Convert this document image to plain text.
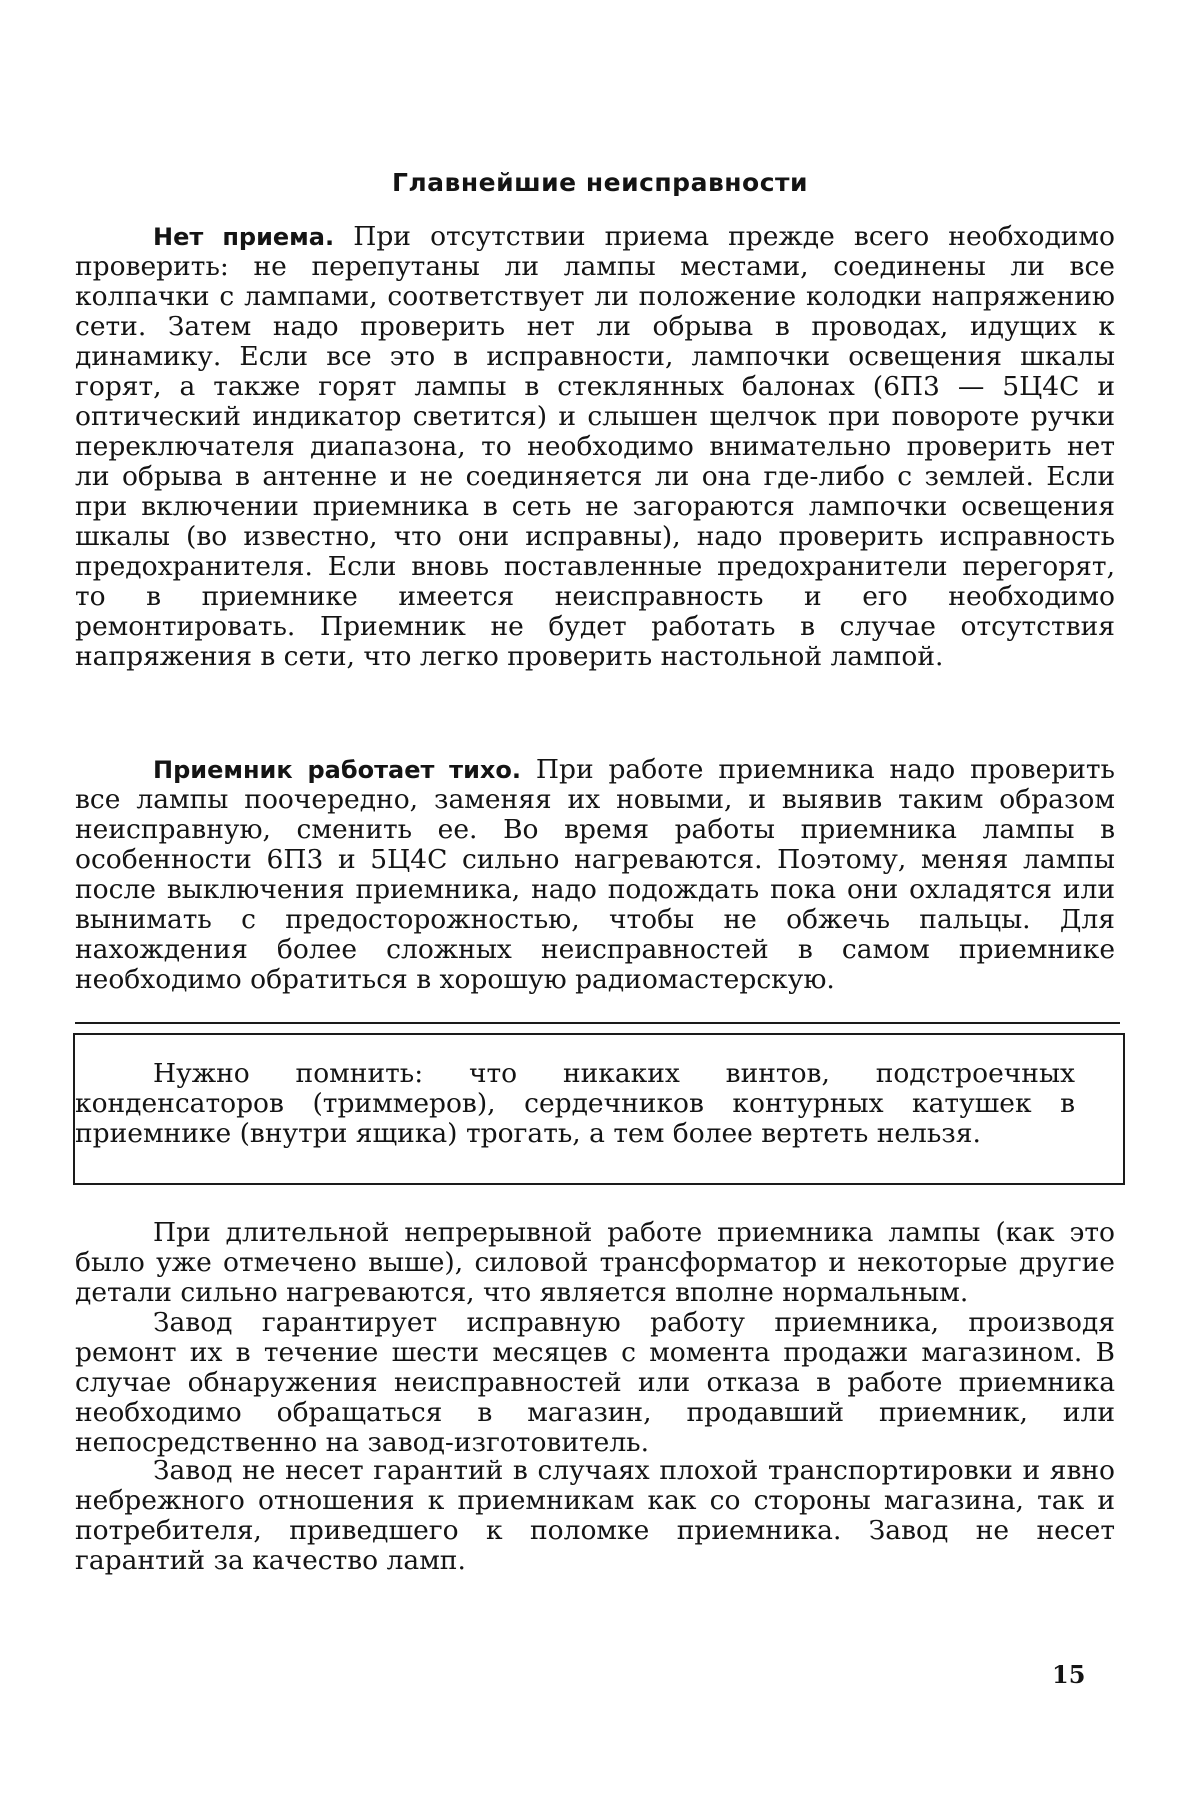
Главнейшие неисправности
Нет приема. При отсутствии приема прежде всего необходимо проверить: не перепутаны ли лампы местами, соединены ли все колпачки с лампами, соответствует ли положение колодки напряжению сети. Затем надо проверить нет ли обрыва в проводах, идущих к динамику. Если все это в исправности, лампочки освещения шкалы горят, а также горят лампы в стеклянных балонах (6П3 — 5Ц4С и оптический индикатор светится) и слышен щелчок при повороте ручки переключателя диапазона, то необходимо внимательно проверить нет ли обрыва в антенне и не соединяется ли она где-либо с землей. Если при включении приемника в сеть не загораются лампочки освещения шкалы (во известно, что они исправны), надо проверить исправность предохранителя. Если вновь поставленные предохранители перегорят, то в приемнике имеется неисправность и его необходимо ремонтировать. Приемник не будет работать в случае отсутствия напряжения в сети, что легко проверить настольной лампой.
Приемник работает тихо. При работе приемника надо проверить все лампы поочередно, заменяя их новыми, и выявив таким образом неисправную, сменить ее. Во время работы приемника лампы в особенности 6П3 и 5Ц4С сильно нагреваются. Поэтому, меняя лампы после выключения приемника, надо подождать пока они охладятся или вынимать с предосторожностью, чтобы не обжечь пальцы. Для нахождения более сложных неисправностей в самом приемнике необходимо обратиться в хорошую радиомастерскую.
Нужно помнить: что никаких винтов, подстроечных конденсаторов (триммеров), сердечников контурных катушек в приемнике (внутри ящика) трогать, а тем более вертеть нельзя.
При длительной непрерывной работе приемника лампы (как это было уже отмечено выше), силовой трансформатор и некоторые другие детали сильно нагреваются, что является вполне нормальным.
Завод гарантирует исправную работу приемника, производя ремонт их в течение шести месяцев с момента продажи магазином. В случае обнаружения неисправностей или отказа в работе приемника необходимо обращаться в магазин, продавший приемник, или непосредственно на завод-изготовитель.
Завод не несет гарантий в случаях плохой транспортировки и явно небрежного отношения к приемникам как со стороны магазина, так и потребителя, приведшего к поломке приемника. Завод не несет гарантий за качество ламп.
15
